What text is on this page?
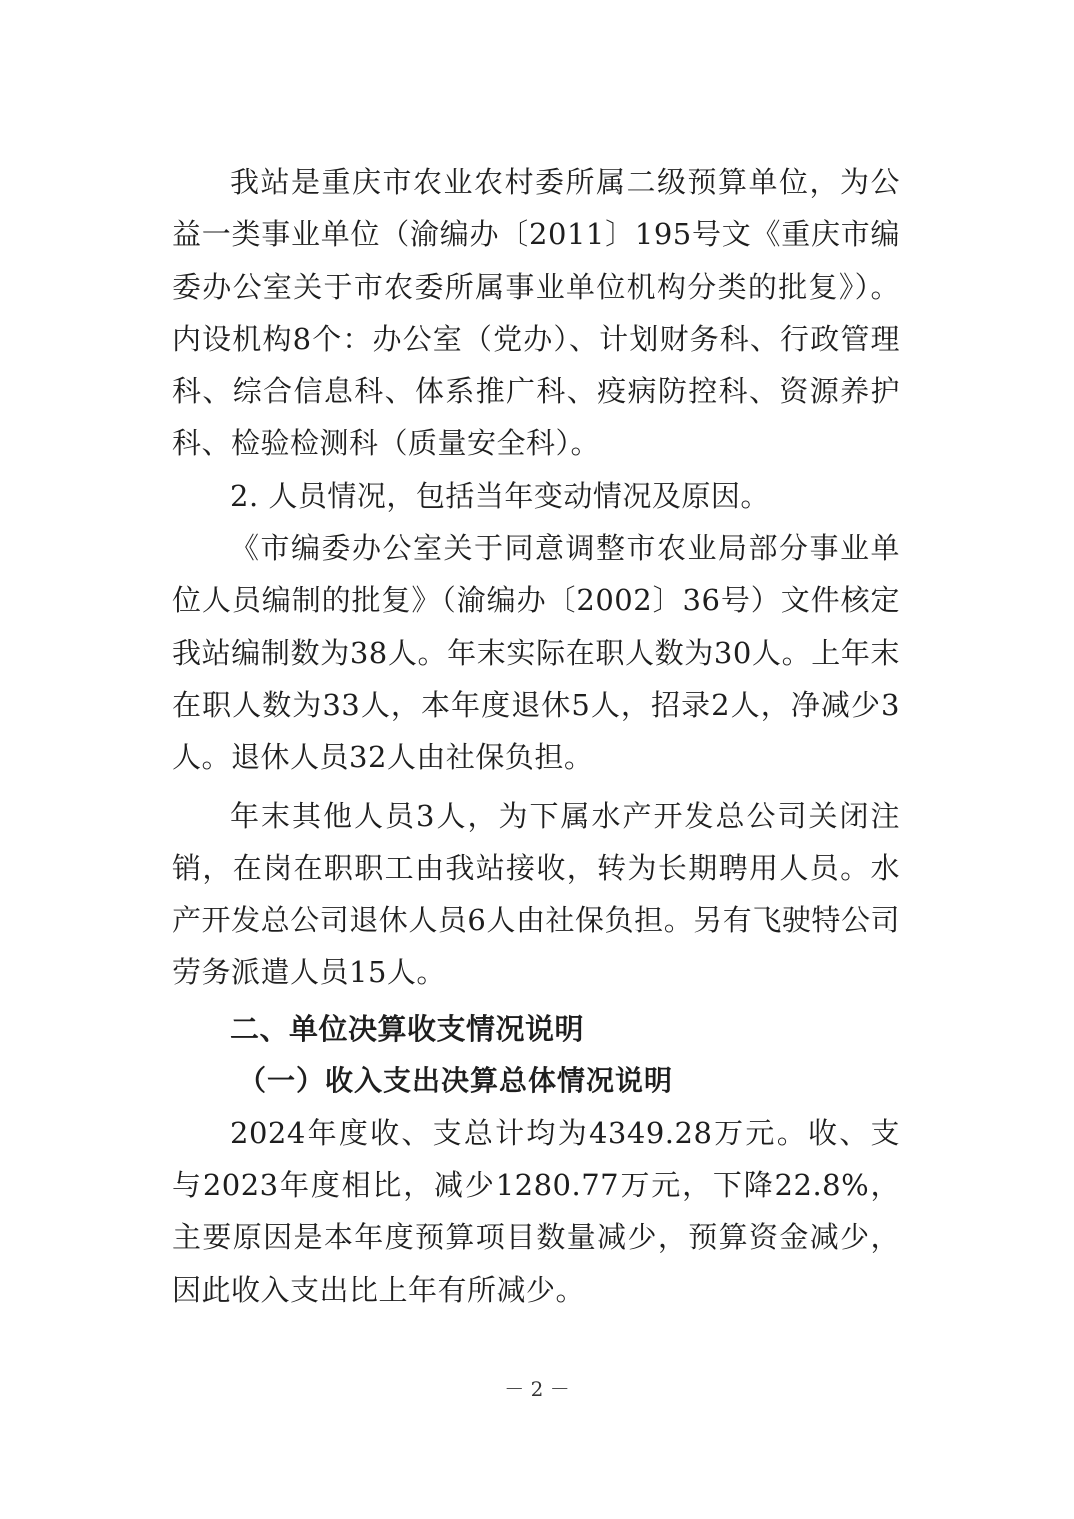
我站是重庆市农业农村委所属二级预算单位，为公益一类事业单位（渝编办〔2011〕195号文《重庆市编委办公室关于市农委所属事业单位机构分类的批复》）。内设机构8个：办公室（党办）、计划财务科、行政管理科、综合信息科、体系推广科、疫病防控科、资源养护科、检验检测科（质量安全科）。

2. 人员情况，包括当年变动情况及原因。

《市编委办公室关于同意调整市农业局部分事业单位人员编制的批复》（渝编办〔2002〕36号）文件核定我站编制数为38人。年末实际在职人数为30人。上年末在职人数为33人，本年度退休5人，招录2人，净减少3人。退休人员32人由社保负担。

年末其他人员3人，为下属水产开发总公司关闭注销，在岗在职职工由我站接收，转为长期聘用人员。水产开发总公司退休人员6人由社保负担。另有飞驶特公司劳务派遣人员15人。

二、单位决算收支情况说明
（一）收入支出决算总体情况说明

2024年度收、支总计均为4349.28万元。收、支与2023年度相比，减少1280.77万元，下降22.8%，主要原因是本年度预算项目数量减少，预算资金减少，因此收入支出比上年有所减少。

－ 2 －
